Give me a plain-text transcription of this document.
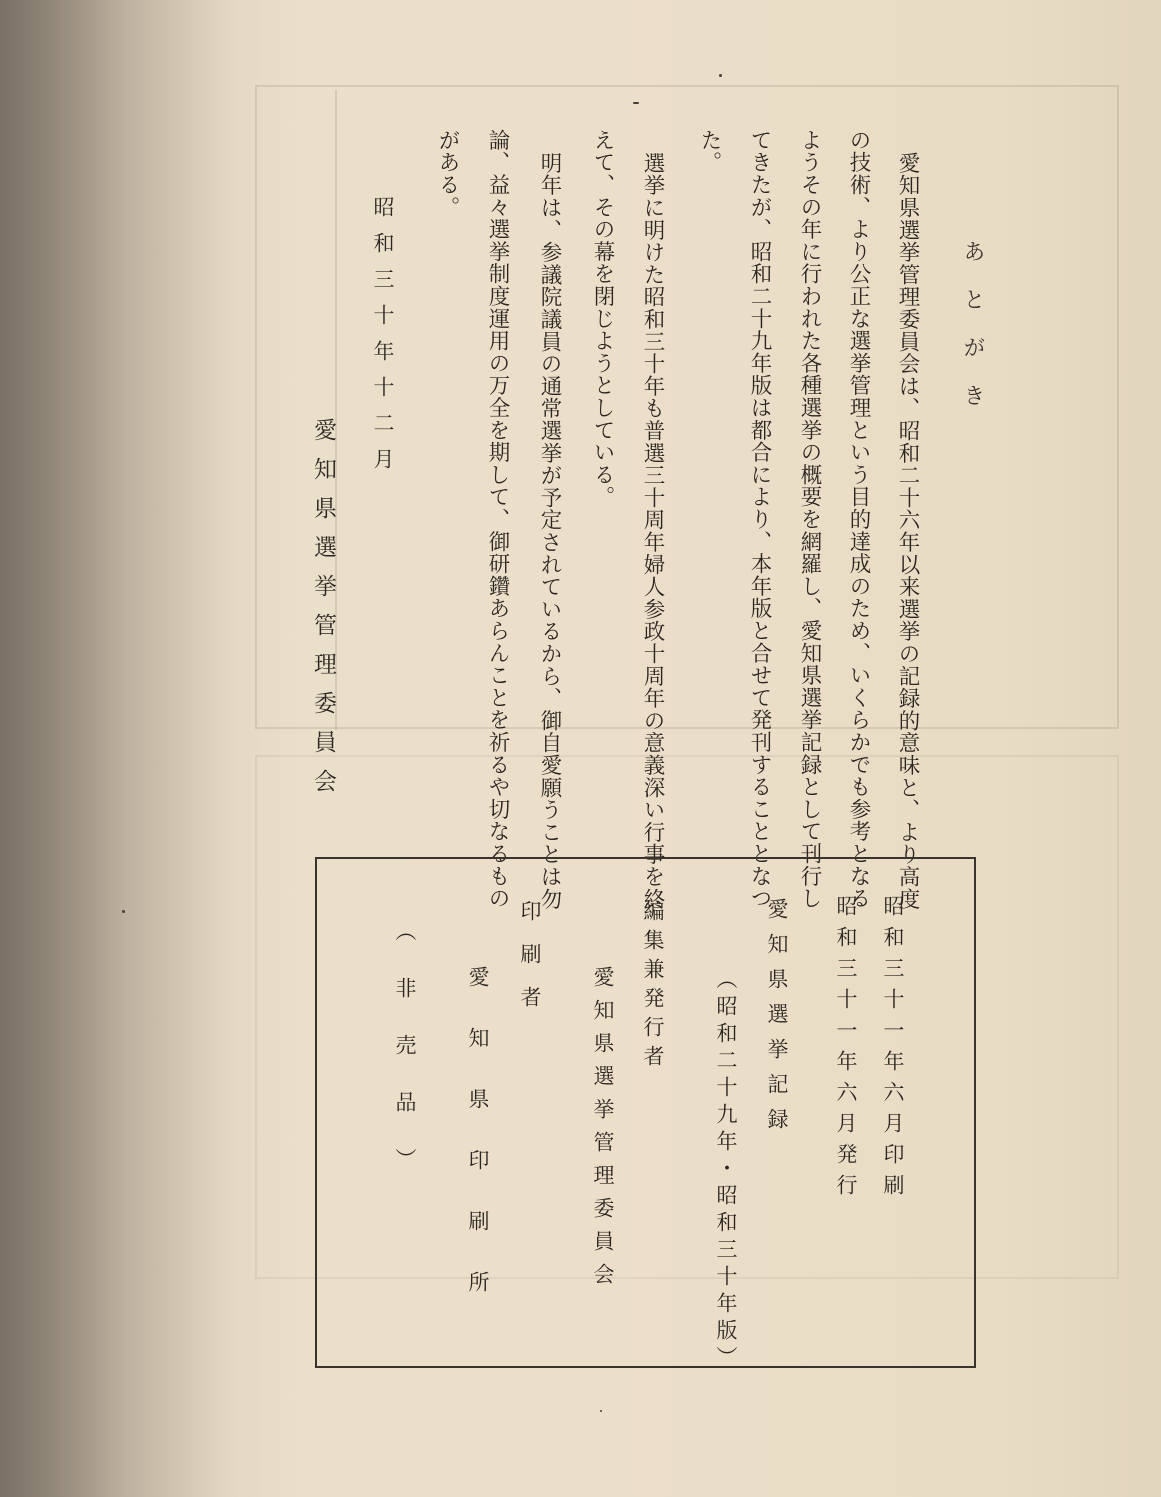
あとがき
愛知県選挙管理委員会は、昭和二十六年以来選挙の記録的意味と、より高度
の技術、より公正な選挙管理という目的達成のため、いくらかでも参考となる
ようその年に行われた各種選挙の概要を網羅し、愛知県選挙記録として刊行し
てきたが、昭和二十九年版は都合により、本年版と合せて発刊することとなつ
た。
選挙に明けた昭和三十年も普選三十周年婦人参政十周年の意義深い行事を終
えて、その幕を閉じようとしている。
明年は、参議院議員の通常選挙が予定されているから、御自愛願うことは勿
論、益々選挙制度運用の万全を期して、御研鑽あらんことを祈るや切なるもの
がある。
昭和三十年十二月
愛知県選挙管理委員会
昭和三十一年六月印刷
昭和三十一年六月発行
愛知県選挙記録
（昭和二十九年・昭和三十年版）
編集兼発行者
愛知県選挙管理委員会
印刷者
愛知県印刷所
（非売品）
